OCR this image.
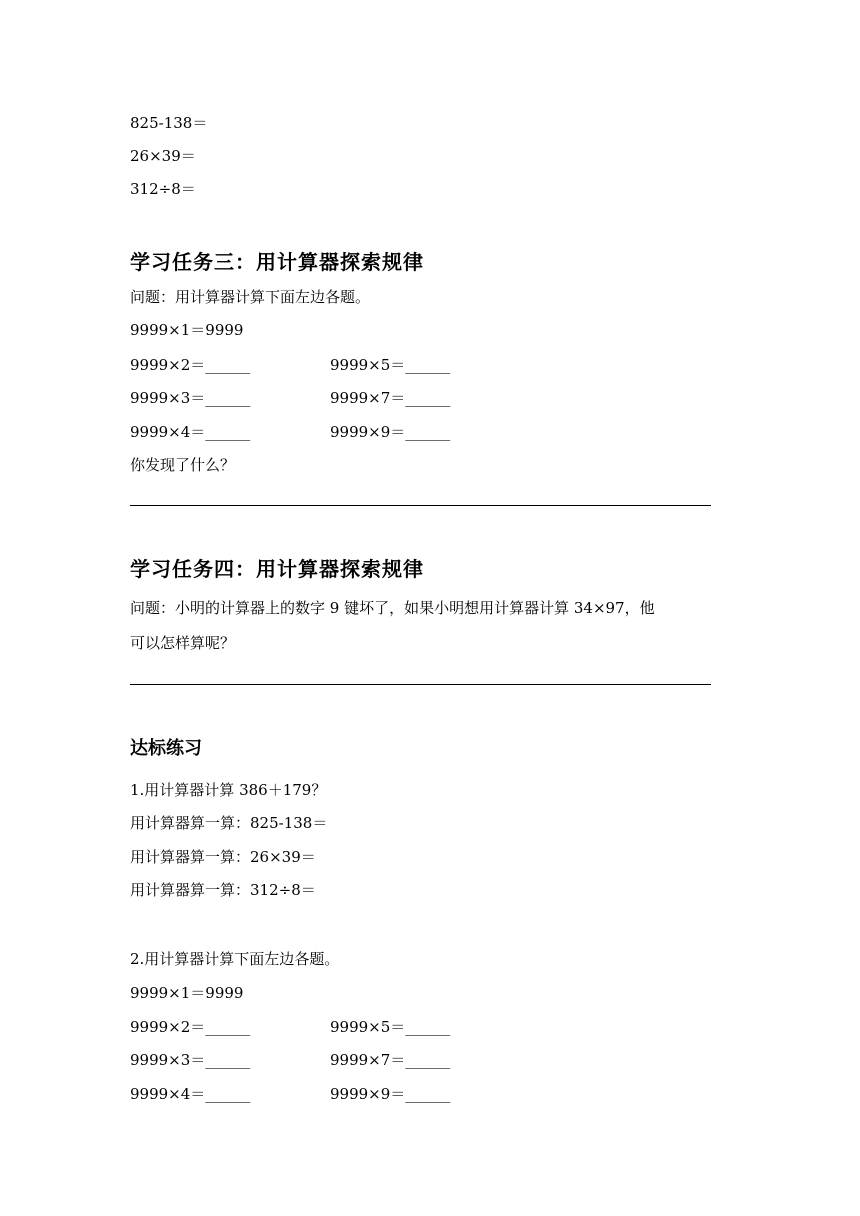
825-138＝
26×39＝
312÷8＝
学习任务三：用计算器探索规律
问题：用计算器计算下面左边各题。
9999×1＝9999
9999×2＝______	9999×5＝______
9999×3＝______	9999×7＝______
9999×4＝______	9999×9＝______
你发现了什么？
学习任务四：用计算器探索规律
问题：小明的计算器上的数字 9 键坏了，如果小明想用计算器计算 34×97，他
可以怎样算呢？
达标练习
1.用计算器计算 386＋179？
用计算器算一算：825-138＝
用计算器算一算：26×39＝
用计算器算一算：312÷8＝
2.用计算器计算下面左边各题。
9999×1＝9999
9999×2＝______	9999×5＝______
9999×3＝______	9999×7＝______
9999×4＝______	9999×9＝______
